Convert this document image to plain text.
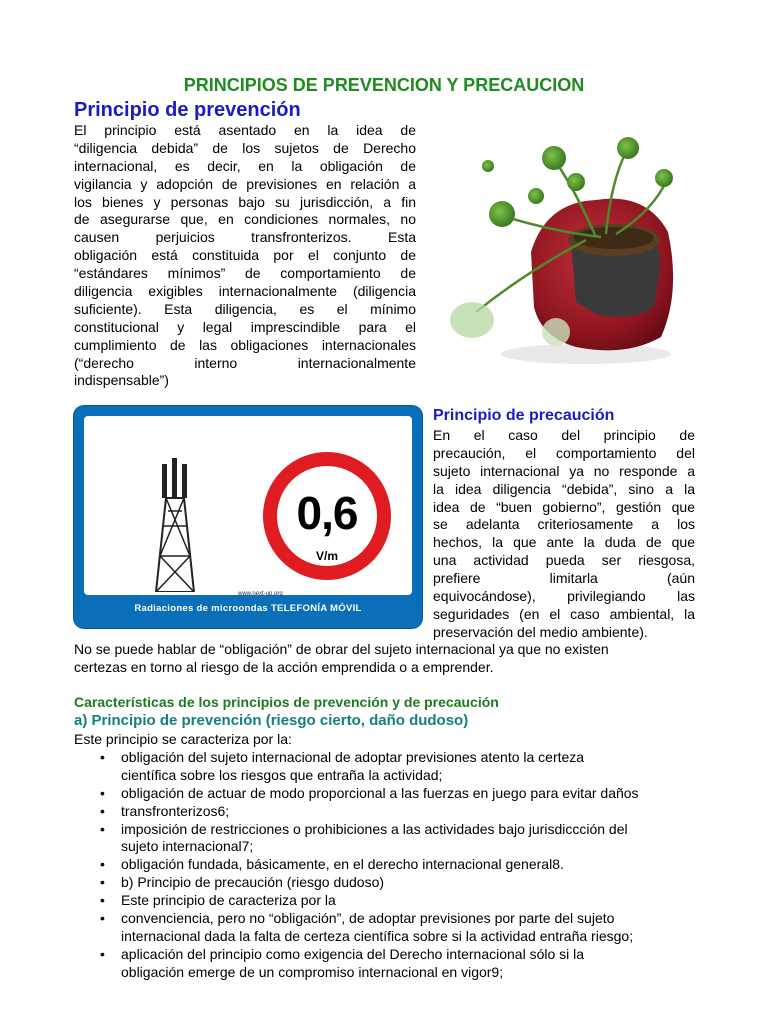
PRINCIPIOS DE PREVENCION Y PRECAUCION
Principio de prevención
El principio está asentado en la idea de
“diligencia debida” de los sujetos de Derecho
internacional, es decir, en la obligación de
vigilancia y adopción de previsiones en relación a
los bienes y personas bajo su jurisdicción, a fin
de asegurarse que, en condiciones normales, no
causen perjuicios transfronterizos. Esta
obligación está constituida por el conjunto de
“estándares mínimos” de comportamiento de
diligencia exigibles internacionalmente (diligencia
suficiente). Esta diligencia, es el mínimo
constitucional y legal imprescindible para el
cumplimiento de las obligaciones internacionales
(“derecho interno internacionalmente
indispensable”)
0,6
V/m
www.next-up.org
Radiaciones de microondas TELEFONÍA MÓVIL
Principio de precaución
En el caso del principio de
precaución, el comportamiento del
sujeto internacional ya no responde a
la idea diligencia “debida”, sino a la
idea de “buen gobierno”, gestión que
se adelanta criteriosamente a los
hechos, la que ante la duda de que
una actividad pueda ser riesgosa,
prefiere limitarla (aún
equivocándose), privilegiando las
seguridades (en el caso ambiental, la
preservación del medio ambiente).
No se puede hablar de “obligación” de obrar del sujeto internacional ya que no existen
certezas en torno al riesgo de la acción emprendida o a emprender.
Características de los principios de prevención y de precaución
a) Principio de prevención (riesgo cierto, daño dudoso)
Este principio se caracteriza por la:
• obligación del sujeto internacional de adoptar previsiones atento la certeza
científica sobre los riesgos que entraña la actividad;
• obligación de actuar de modo proporcional a las fuerzas en juego para evitar daños
• transfronterizos6;
• imposición de restricciones o prohibiciones a las actividades bajo jurisdiccción del
sujeto internacional7;
• obligación fundada, básicamente, en el derecho internacional general8.
• b) Principio de precaución (riesgo dudoso)
• Este principio de caracteriza por la
• convenciencia, pero no “obligación”, de adoptar previsiones por parte del sujeto
internacional dada la falta de certeza científica sobre si la actividad entraña riesgo;
• aplicación del principio como exigencia del Derecho internacional sólo si la
obligación emerge de un compromiso internacional en vigor9;
